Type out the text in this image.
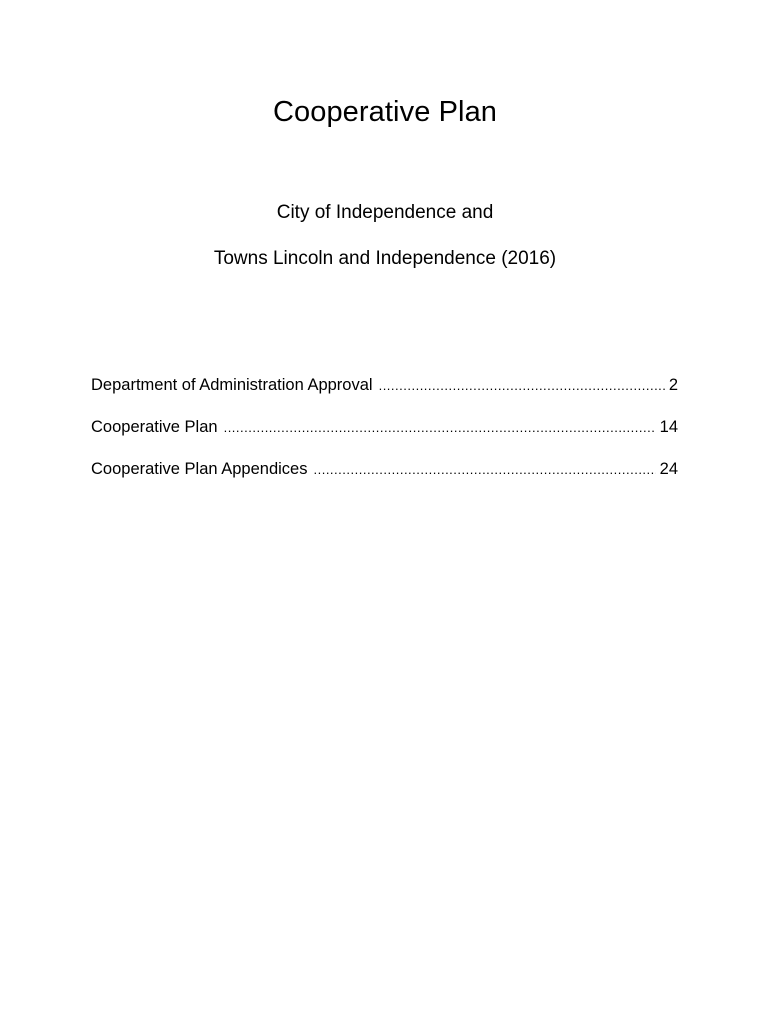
Cooperative Plan

City of Independence and

Towns Lincoln and Independence (2016)

Department of Administration Approval .....	2
Cooperative Plan .....	14
Cooperative Plan Appendices .....	24
